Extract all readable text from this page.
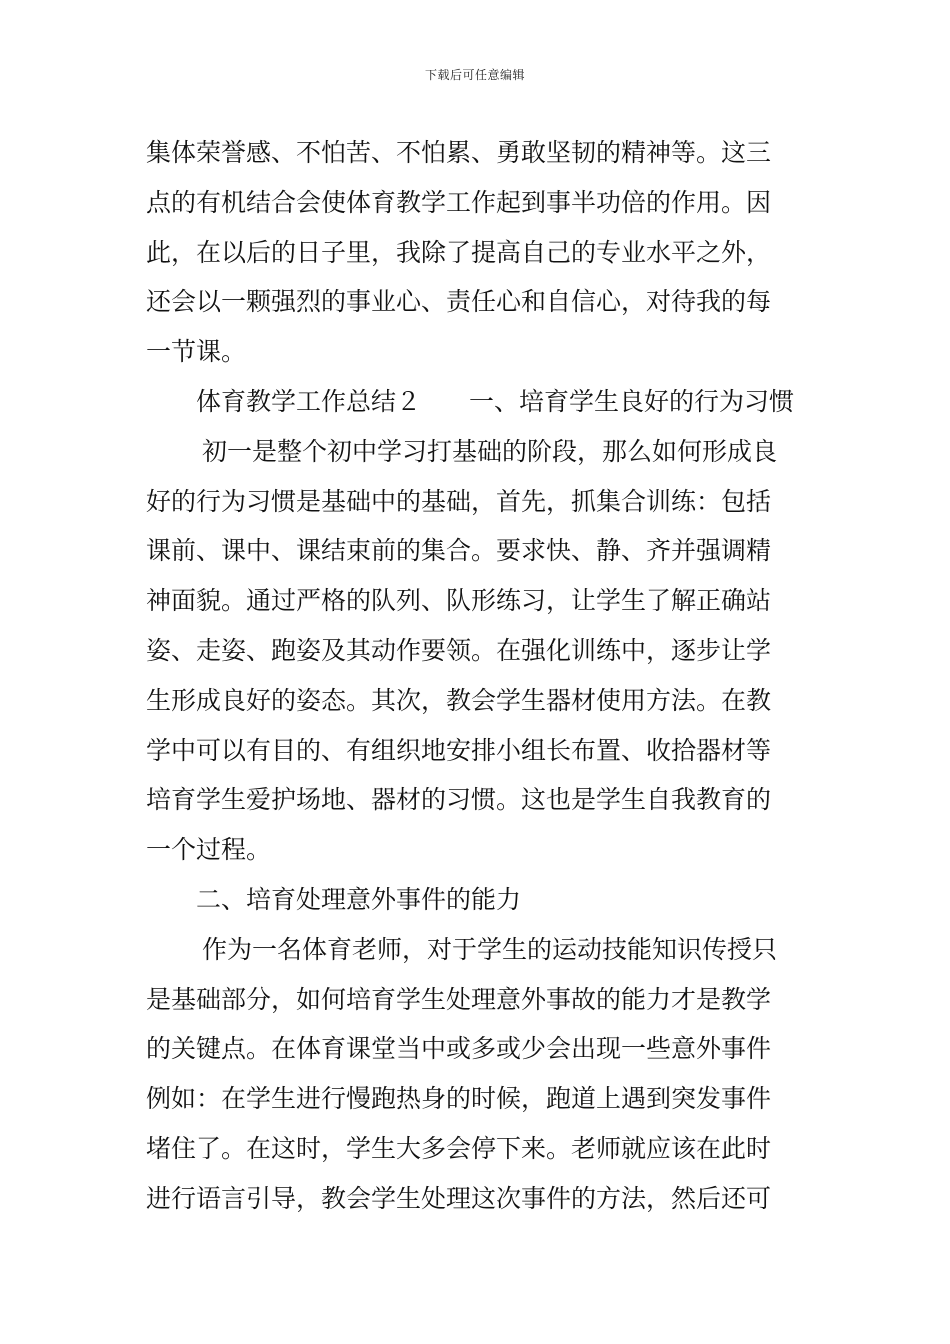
下载后可任意编辑
集体荣誉感、不怕苦、不怕累、勇敢坚韧的精神等。这三
点的有机结合会使体育教学工作起到事半功倍的作用。因
此，在以后的日子里，我除了提高自己的专业水平之外，
还会以一颗强烈的事业心、责任心和自信心，对待我的每
一节课。
体育教学工作总结２ 一、培育学生良好的行为习惯
初一是整个初中学习打基础的阶段，那么如何形成良
好的行为习惯是基础中的基础，首先，抓集合训练：包括
课前、课中、课结束前的集合。要求快、静、齐并强调精
神面貌。通过严格的队列、队形练习，让学生了解正确站
姿、走姿、跑姿及其动作要领。在强化训练中，逐步让学
生形成良好的姿态。其次，教会学生器材使用方法。在教
学中可以有目的、有组织地安排小组长布置、收拾器材等
培育学生爱护场地、器材的习惯。这也是学生自我教育的
一个过程。
二、培育处理意外事件的能力
作为一名体育老师，对于学生的运动技能知识传授只
是基础部分，如何培育学生处理意外事故的能力才是教学
的关键点。在体育课堂当中或多或少会出现一些意外事件
例如：在学生进行慢跑热身的时候，跑道上遇到突发事件
堵住了。在这时，学生大多会停下来。老师就应该在此时
进行语言引导，教会学生处理这次事件的方法，然后还可
